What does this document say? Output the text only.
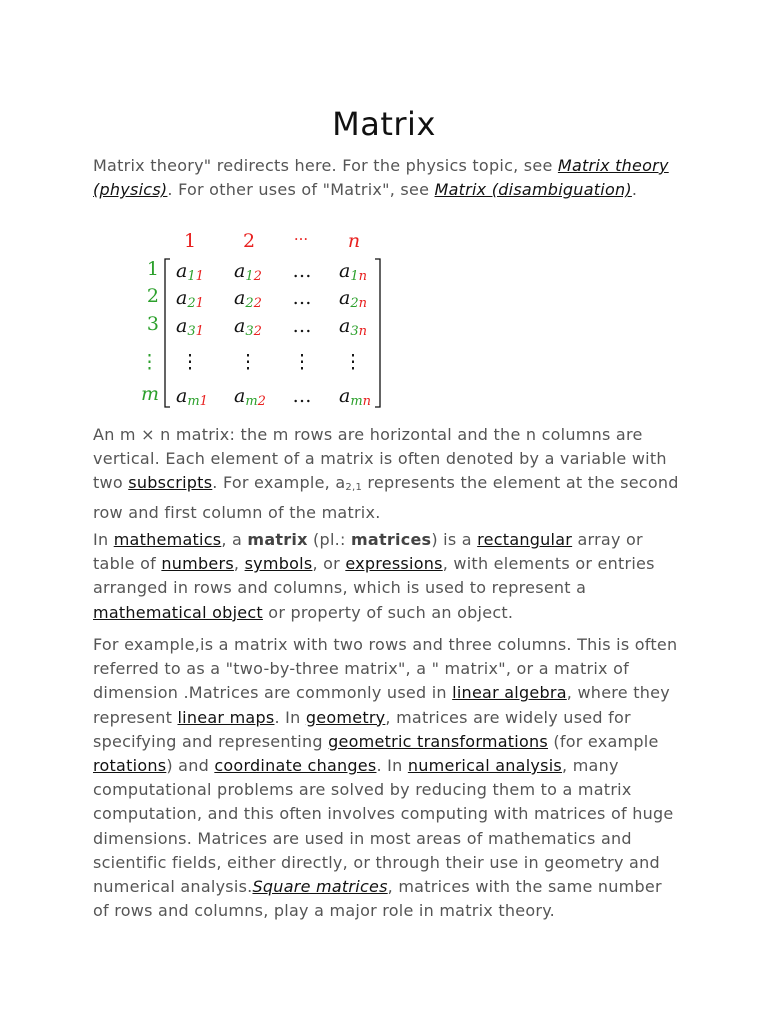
Matrix

Matrix theory" redirects here. For the physics topic, see Matrix theory (physics). For other uses of "Matrix", see Matrix (disambiguation).

An m × n matrix: the m rows are horizontal and the n columns are vertical. Each element of a matrix is often denoted by a variable with two subscripts. For example, $a_{2,1}$ represents the element at the second row and first column of the matrix.

In mathematics, a matrix (pl.: matrices) is a rectangular array or table of numbers, symbols, or expressions, with elements or entries arranged in rows and columns, which is used to represent a mathematical object or property of such an object.

For example,is a matrix with two rows and three columns. This is often referred to as a "two-by-three matrix", a " matrix", or a matrix of dimension .Matrices are commonly used in linear algebra, where they represent linear maps. In geometry, matrices are widely used for specifying and representing geometric transformations (for example rotations) and coordinate changes. In numerical analysis, many computational problems are solved by reducing them to a matrix computation, and this often involves computing with matrices of huge dimensions. Matrices are used in most areas of mathematics and scientific fields, either directly, or through their use in geometry and numerical analysis.Square matrices, matrices with the same number of rows and columns, play a major role in matrix theory.

1 2	··· n
1
2
3
⋮
m
a11 a12 … a1n
a21 a22 … a2n
a31 a32 … a3n
⋮ ⋮ ⋮ ⋮
am1 am2 … amn
